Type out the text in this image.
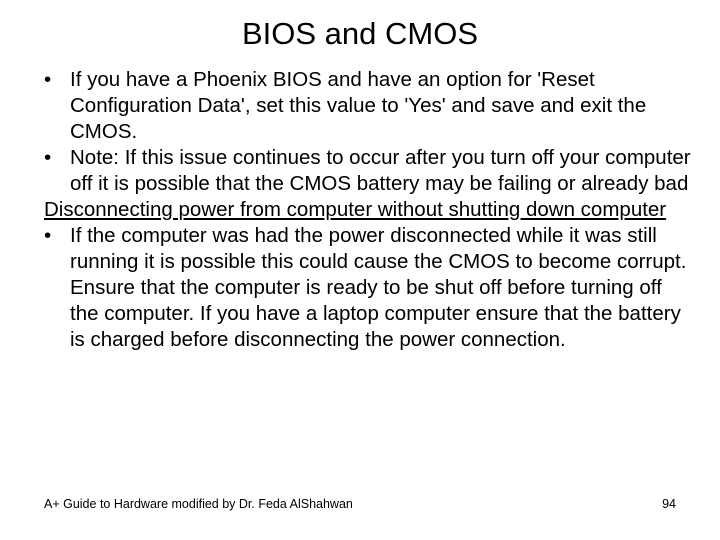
BIOS and CMOS
• If you have a Phoenix BIOS and have an option for 'Reset Configuration Data', set this value to 'Yes' and save and exit the CMOS.
• Note: If this issue continues to occur after you turn off your computer off it is possible that the CMOS battery may be failing or already bad
Disconnecting power from computer without shutting down computer
• If the computer was had the power disconnected while it was still running it is possible this could cause the CMOS to become corrupt. Ensure that the computer is ready to be shut off before turning off the computer. If you have a laptop computer ensure that the battery is charged before disconnecting the power connection.
A+ Guide to Hardware modified by Dr. Feda AlShahwan	94
